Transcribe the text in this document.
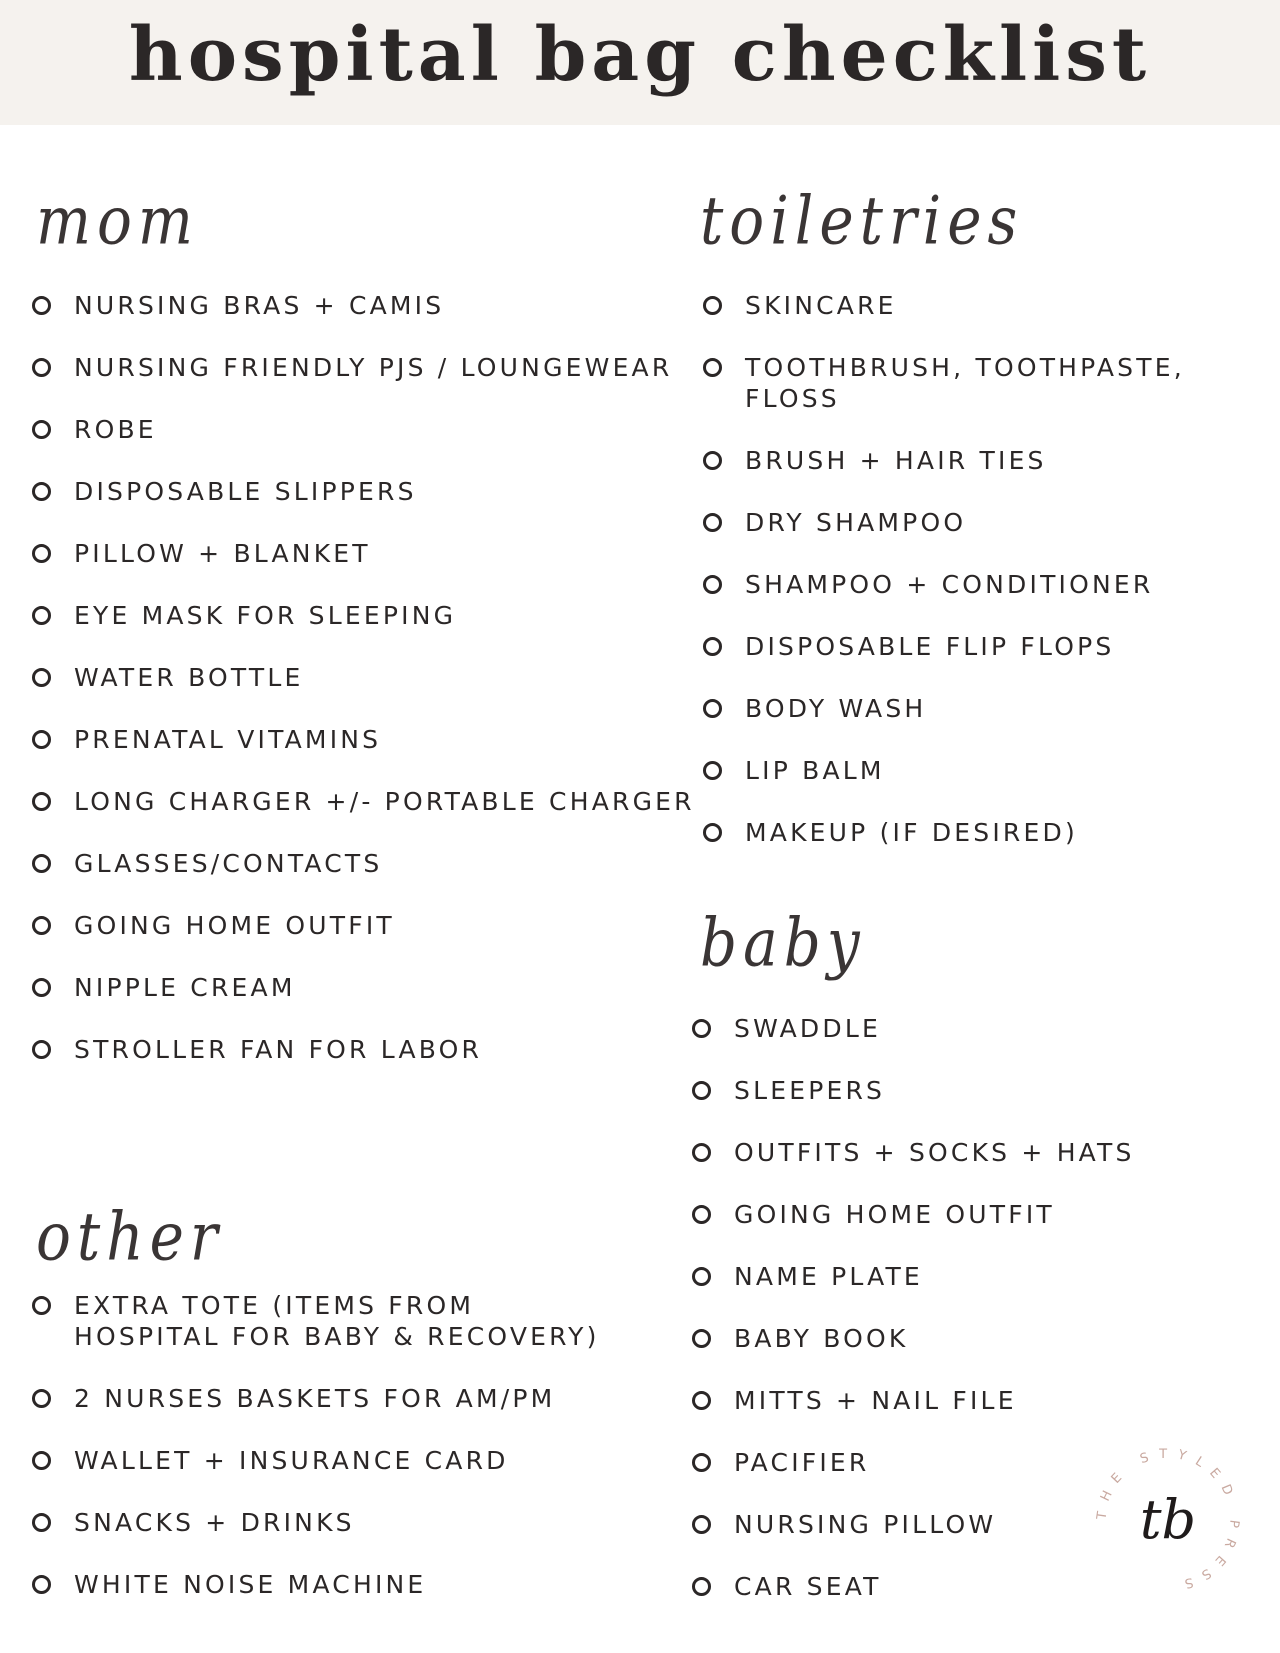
hospital bag checklist
mom
NURSING BRAS + CAMIS
NURSING FRIENDLY PJS / LOUNGEWEAR
ROBE
DISPOSABLE SLIPPERS
PILLOW + BLANKET
EYE MASK FOR SLEEPING
WATER BOTTLE
PRENATAL VITAMINS
LONG CHARGER +/- PORTABLE CHARGER
GLASSES/CONTACTS
GOING HOME OUTFIT
NIPPLE CREAM
STROLLER FAN FOR LABOR
toiletries
SKINCARE
TOOTHBRUSH, TOOTHPASTE, FLOSS
BRUSH + HAIR TIES
DRY SHAMPOO
SHAMPOO + CONDITIONER
DISPOSABLE FLIP FLOPS
BODY WASH
LIP BALM
MAKEUP (IF DESIRED)
baby
SWADDLE
SLEEPERS
OUTFITS + SOCKS + HATS
GOING HOME OUTFIT
NAME PLATE
BABY BOOK
MITTS + NAIL FILE
PACIFIER
NURSING PILLOW
CAR SEAT
other
EXTRA TOTE (ITEMS FROM
HOSPITAL FOR BABY & RECOVERY)
2 NURSES BASKETS FOR AM/PM
WALLET + INSURANCE CARD
SNACKS + DRINKS
WHITE NOISE MACHINE
THE STYLED PRESS
tb
